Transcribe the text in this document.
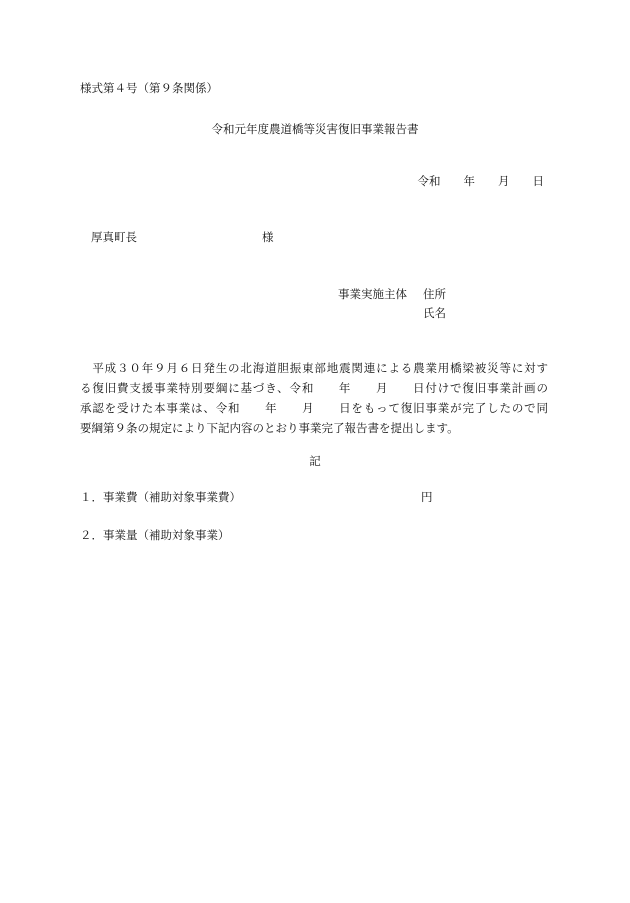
様式第４号（第９条関係）
令和元年度農道橋等災害復旧事業報告書
令和　　年　　月　　日
厚真町長	様
事業実施主体 住所
氏名
　平成３０年９月６日発生の北海道胆振東部地震関連による農業用橋梁被災等に対す
る復旧費支援事業特別要綱に基づき、令和　　年　　月　　日付けで復旧事業計画の
承認を受けた本事業は、令和　　年　　月　　日をもって復旧事業が完了したので同
要綱第９条の規定により下記内容のとおり事業完了報告書を提出します。
記
１．事業費（補助対象事業費）	円
２．事業量（補助対象事業）
